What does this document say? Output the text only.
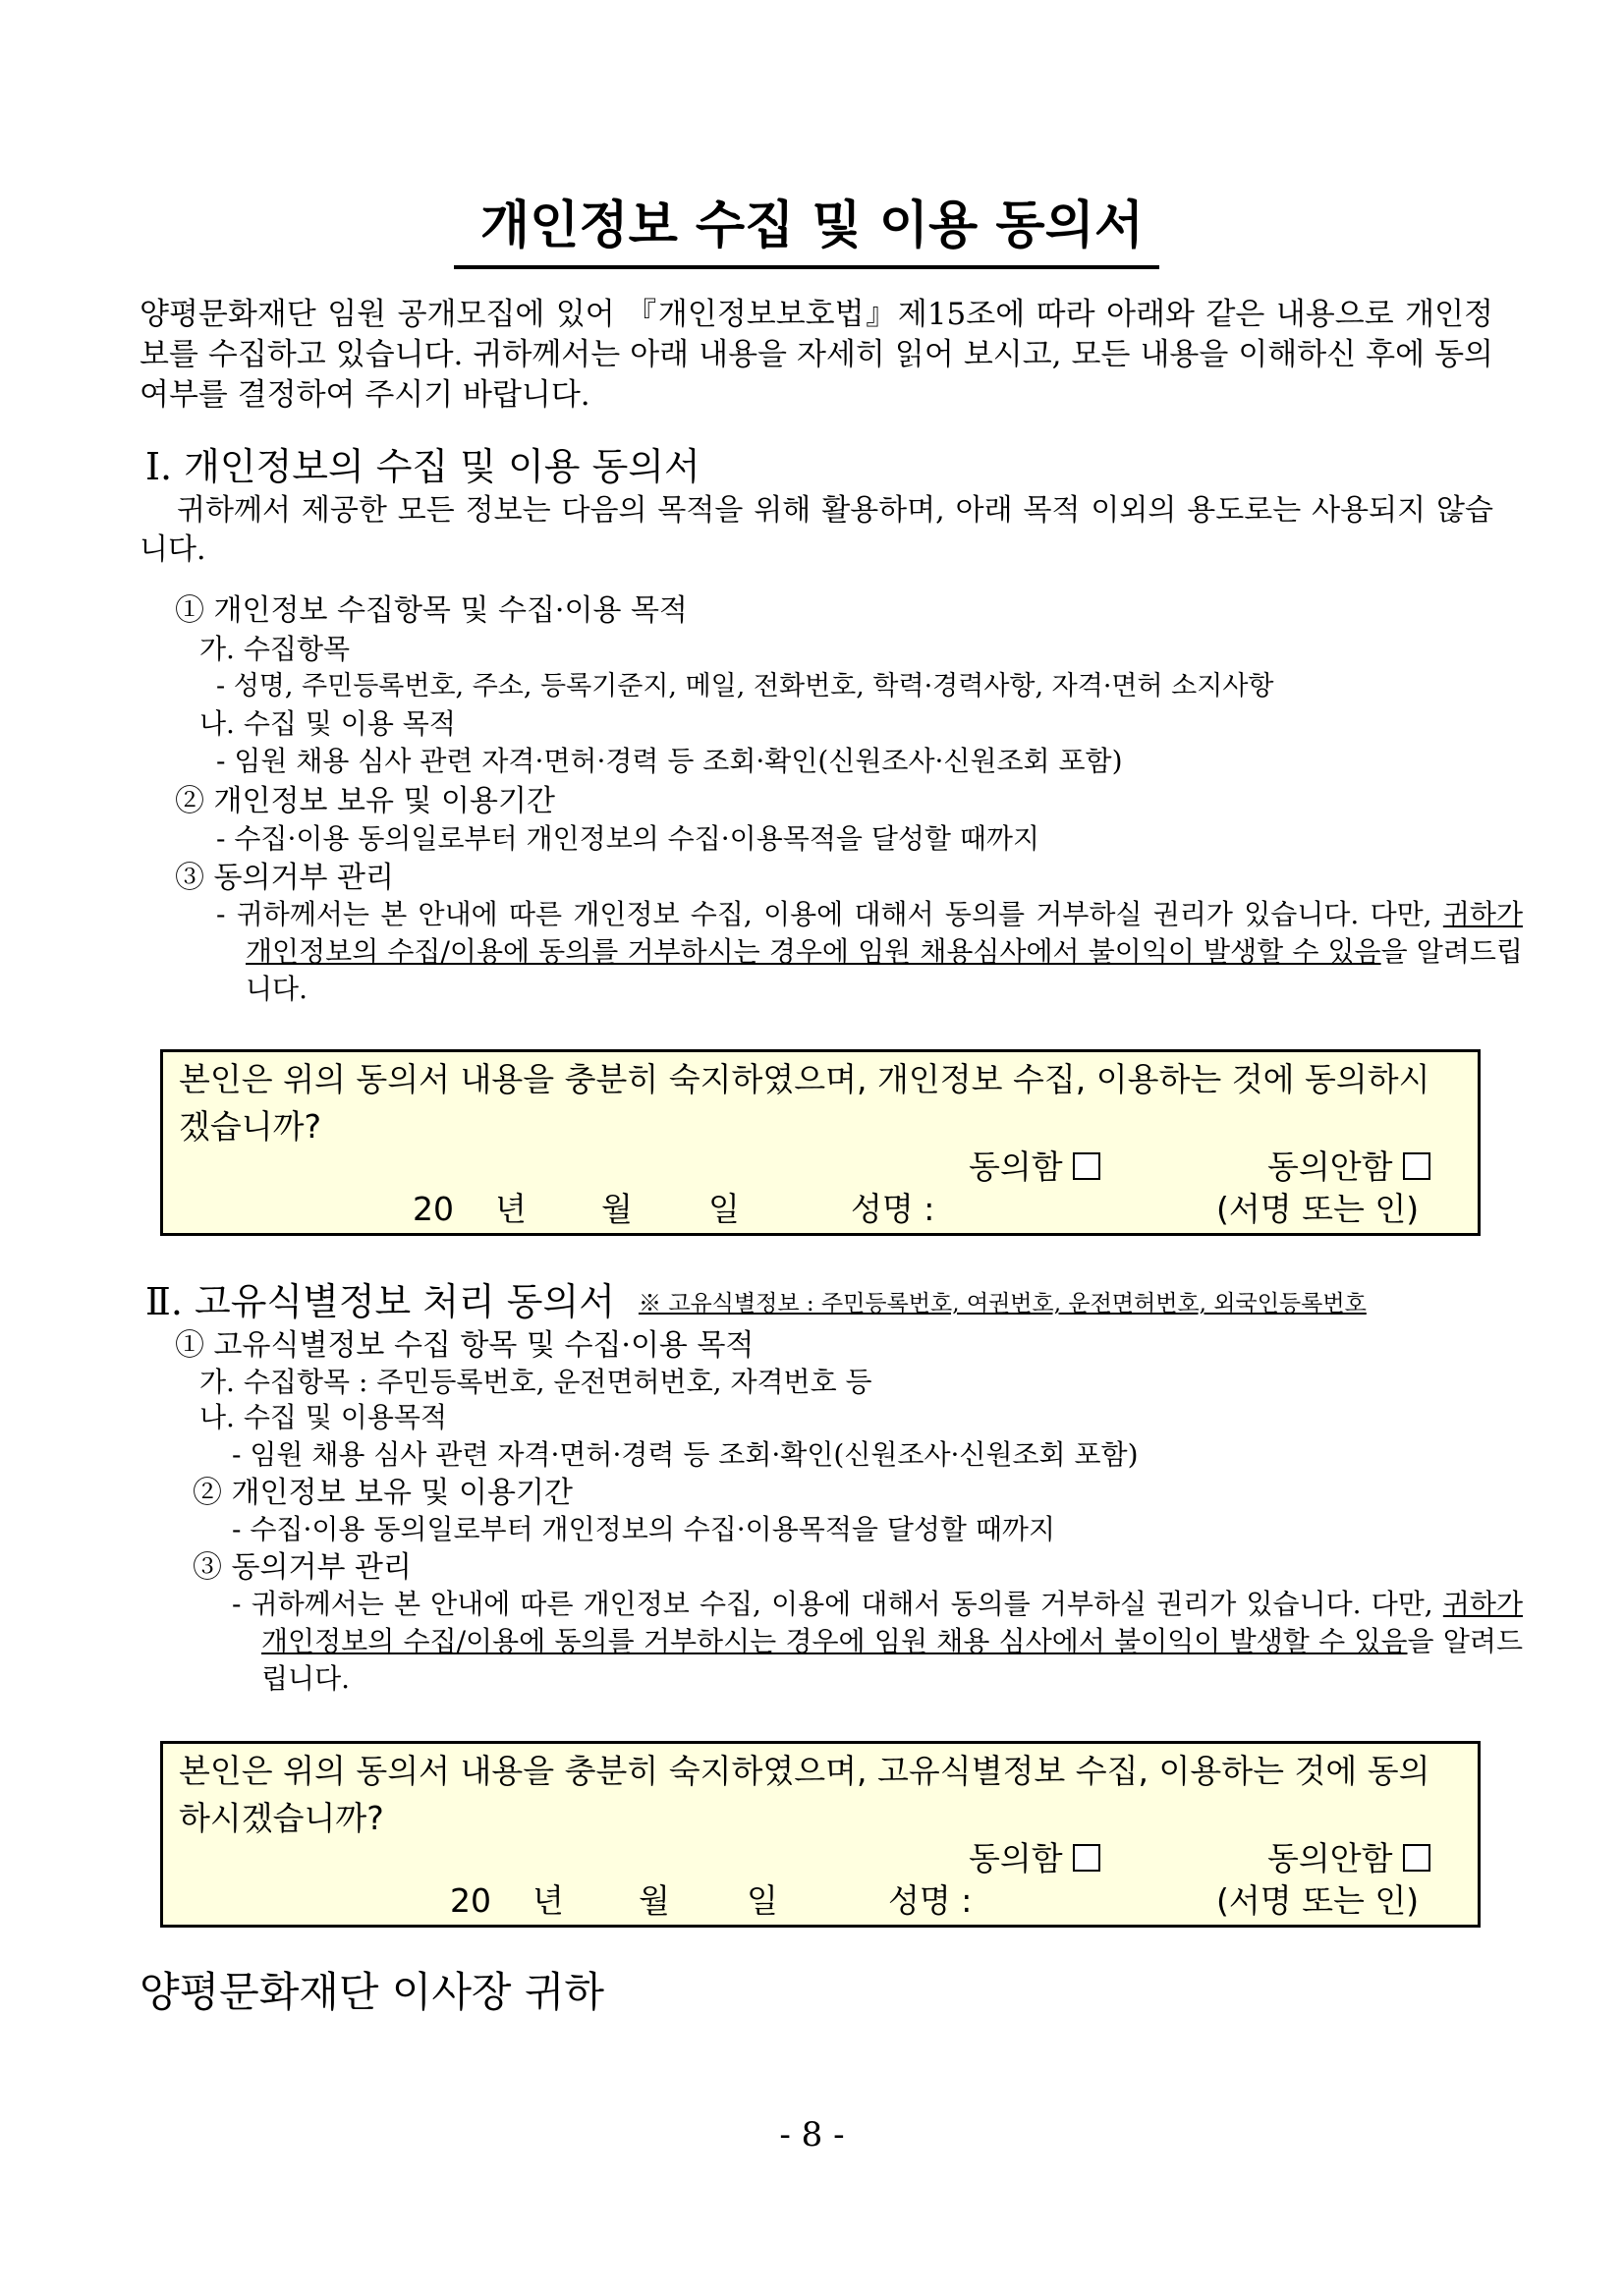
개인정보 수집 및 이용 동의서
양평문화재단 임원 공개모집에 있어 『개인정보보호법』제15조에 따라 아래와 같은 내용으로 개인정보를 수집하고 있습니다. 귀하께서는 아래 내용을 자세히 읽어 보시고, 모든 내용을 이해하신 후에 동의 여부를 결정하여 주시기 바랍니다.
Ⅰ. 개인정보의 수집 및 이용 동의서
귀하께서 제공한 모든 정보는 다음의 목적을 위해 활용하며, 아래 목적 이외의 용도로는 사용되지 않습니다.
① 개인정보 수집항목 및 수집·이용 목적
가. 수집항목
- 성명, 주민등록번호, 주소, 등록기준지, 메일, 전화번호, 학력·경력사항, 자격·면허 소지사항
나. 수집 및 이용 목적
- 임원 채용 심사 관련 자격·면허·경력 등 조회·확인(신원조사·신원조회 포함)
② 개인정보 보유 및 이용기간
- 수집·이용 동의일로부터 개인정보의 수집·이용목적을 달성할 때까지
③ 동의거부 관리
- 귀하께서는 본 안내에 따른 개인정보 수집, 이용에 대해서 동의를 거부하실 권리가 있습니다. 다만, 귀하가 개인정보의 수집/이용에 동의를 거부하시는 경우에 임원 채용심사에서 불이익이 발생할 수 있음을 알려드립니다.
본인은 위의 동의서 내용을 충분히 숙지하였으며, 개인정보 수집, 이용하는 것에 동의하시겠습니까?
동의함	동의안함
20 년 월 일	성명 :	(서명 또는 인)
Ⅱ. 고유식별정보 처리 동의서 ※ 고유식별정보 : 주민등록번호, 여권번호, 운전면허번호, 외국인등록번호
① 고유식별정보 수집 항목 및 수집·이용 목적
가. 수집항목 : 주민등록번호, 운전면허번호, 자격번호 등
나. 수집 및 이용목적
- 임원 채용 심사 관련 자격·면허·경력 등 조회·확인(신원조사·신원조회 포함)
② 개인정보 보유 및 이용기간
- 수집·이용 동의일로부터 개인정보의 수집·이용목적을 달성할 때까지
③ 동의거부 관리
- 귀하께서는 본 안내에 따른 개인정보 수집, 이용에 대해서 동의를 거부하실 권리가 있습니다. 다만, 귀하가 개인정보의 수집/이용에 동의를 거부하시는 경우에 임원 채용 심사에서 불이익이 발생할 수 있음을 알려드립니다.
본인은 위의 동의서 내용을 충분히 숙지하였으며, 고유식별정보 수집, 이용하는 것에 동의하시겠습니까?
동의함	동의안함
20 년 월 일	성명 :	(서명 또는 인)
양평문화재단 이사장 귀하
- 8 -
